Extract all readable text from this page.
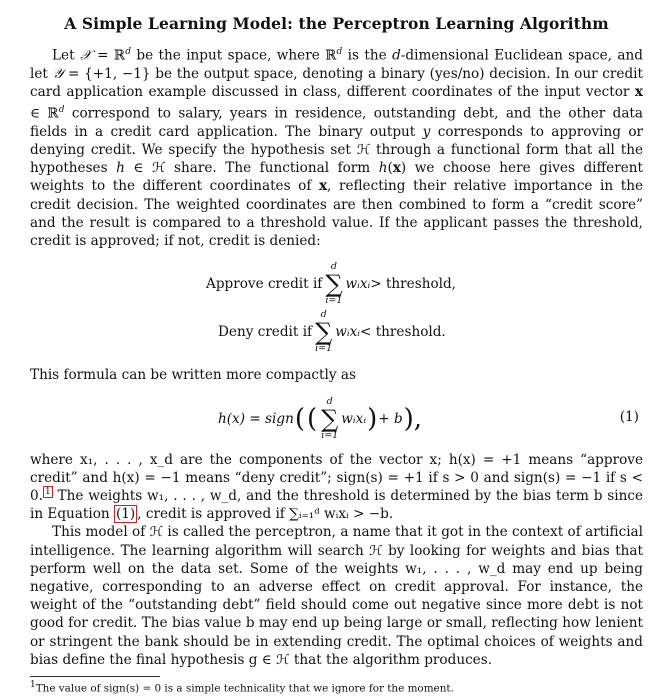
A Simple Learning Model: the Perceptron Learning Algorithm

Let 𝒳 = ℝ$^d$ be the input space, where ℝ$^d$ is the d-dimensional Euclidean space, and let 𝒴 = {+1, −1} be the output space, denoting a binary (yes/no) decision. In our credit card application example discussed in class, different coordinates of the input vector x ∈ ℝ$^d$ correspond to salary, years in residence, outstanding debt, and the other data fields in a credit card application. The binary output y corresponds to approving or denying credit. We specify the hypothesis set ℋ through a functional form that all the hypotheses h ∈ ℋ share. The functional form h(x) we choose here gives different weights to the different coordinates of x, reflecting their relative importance in the credit decision. The weighted coordinates are then combined to form a “credit score” and the result is compared to a threshold value. If the applicant passes the threshold, credit is approved; if not, credit is denied:

Approve credit if
d
∑
i=1
wᵢxᵢ > threshold,
Deny credit if
d
∑
i=1
wᵢxᵢ < threshold.

This formula can be written more compactly as

h(x) = sign ( (
d
∑
i=1
wᵢxᵢ ) + b ),	(1)

where x₁, . . . , x_d are the components of the vector x; h(x) = +1 means “approve credit” and h(x) = −1 means “deny credit”; sign(s) = +1 if s > 0 and sign(s) = −1 if s < 0. $^1$ The weights w₁, . . . , w_d, and the threshold is determined by the bias term b since in Equation (1) , credit is approved if ∑ᵢ₌₁ᵈ wᵢxᵢ > −b.

This model of ℋ is called the perceptron, a name that it got in the context of artificial intelligence. The learning algorithm will search ℋ by looking for weights and bias that perform well on the data set. Some of the weights w₁, . . . , w_d may end up being negative, corresponding to an adverse effect on credit approval. For instance, the weight of the “outstanding debt” field should come out negative since more debt is not good for credit. The bias value b may end up being large or small, reflecting how lenient or stringent the bank should be in extending credit. The optimal choices of weights and bias define the final hypothesis g ∈ ℋ that the algorithm produces.

$^1$The value of sign(s) = 0 is a simple technicality that we ignore for the moment.
